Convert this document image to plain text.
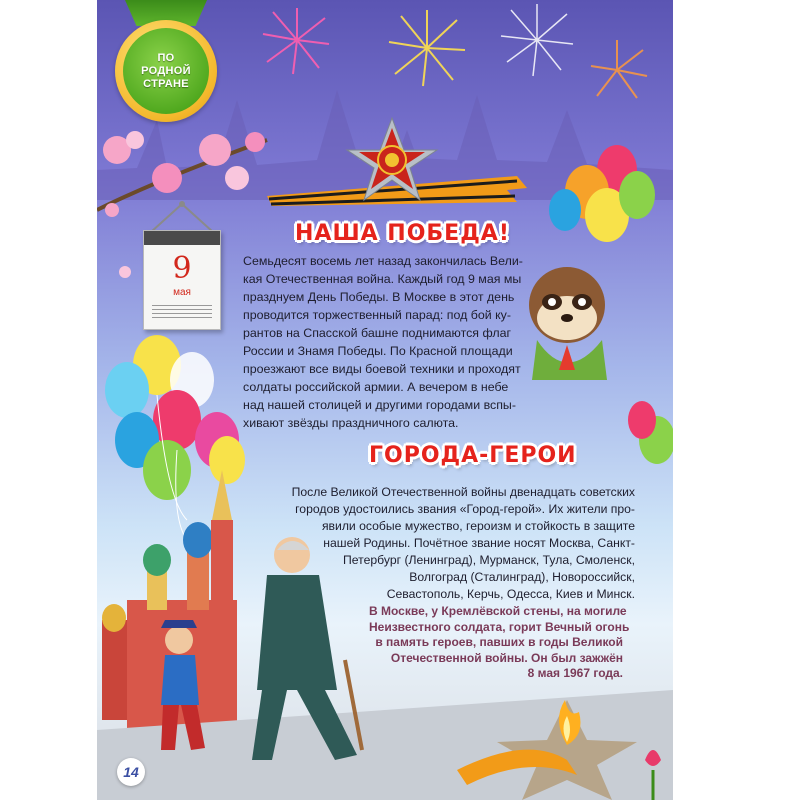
ПО РОДНОЙ СТРАНЕ
9
мая
НАША ПОБЕДА!
Семьдесят восемь лет назад закончилась Вели-
кая Отечественная война. Каждый год 9 мая мы
празднуем День Победы. В Москве в этот день
проводится торжественный парад: под бой ку-
рантов на Спасской башне поднимаются флаг
России и Знамя Победы. По Красной площади
проезжают все виды боевой техники и проходят
солдаты российской армии. А вечером в небе
над нашей столицей и другими городами вспы-
хивают звёзды праздничного салюта.
ГОРОДА-ГЕРОИ
После Великой Отечественной войны двенадцать советских
городов удостоились звания «Город-герой». Их жители про-
явили особые мужество, героизм и стойкость в защите
нашей Родины. Почётное звание носят Москва, Санкт-
Петербург (Ленинград), Мурманск, Тула, Смоленск,
Волгоград (Сталинград), Новороссийск,
Севастополь, Керчь, Одесса, Киев и Минск.
В Москве, у Кремлёвской стены, на могиле
Неизвестного солдата, горит Вечный огонь
в память героев, павших в годы Великой
Отечественной войны. Он был зажжён
8 мая 1967 года.
14
